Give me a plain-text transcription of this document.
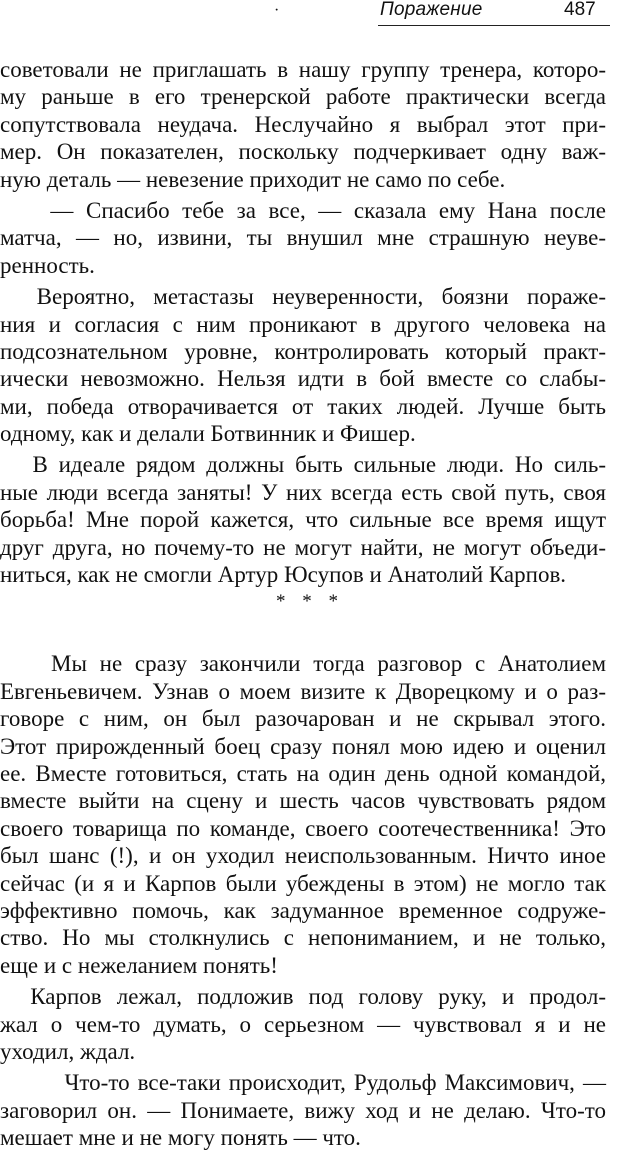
·	Поражение	487
советовали не приглашать в нашу группу тренера, которо-
му раньше в его тренерской работе практически всегда
сопутствовала неудача. Неслучайно я выбрал этот при-
мер. Он показателен, поскольку подчеркивает одну важ-
ную деталь — невезение приходит не само по себе.
— Спасибо тебе за все, — сказала ему Нана после
матча, — но, извини, ты внушил мне страшную неуве-
ренность.
Вероятно, метастазы неуверенности, боязни пораже-
ния и согласия с ним проникают в другого человека на
подсознательном уровне, контролировать который практ-
ически невозможно. Нельзя идти в бой вместе со слабы-
ми, победа отворачивается от таких людей. Лучше быть
одному, как и делали Ботвинник и Фишер.
В идеале рядом должны быть сильные люди. Но силь-
ные люди всегда заняты! У них всегда есть свой путь, своя
борьба! Мне порой кажется, что сильные все время ищут
друг друга, но почему-то не могут найти, не могут объеди-
ниться, как не смогли Артур Юсупов и Анатолий Карпов.
* * *
Мы не сразу закончили тогда разговор с Анатолием
Евгеньевичем. Узнав о моем визите к Дворецкому и о раз-
говоре с ним, он был разочарован и не скрывал этого.
Этот прирожденный боец сразу понял мою идею и оценил
ее. Вместе готовиться, стать на один день одной командой,
вместе выйти на сцену и шесть часов чувствовать рядом
своего товарища по команде, своего соотечественника! Это
был шанс (!), и он уходил неиспользованным. Ничто иное
сейчас (и я и Карпов были убеждены в этом) не могло так
эффективно помочь, как задуманное временное содруже-
ство. Но мы столкнулись с непониманием, и не только,
еще и с нежеланием понять!
Карпов лежал, подложив под голову руку, и продол-
жал о чем-то думать, о серьезном — чувствовал я и не
уходил, ждал.
Что-то все-таки происходит, Рудольф Максимович, —
заговорил он. — Понимаете, вижу ход и не делаю. Что-то
мешает мне и не могу понять — что.
